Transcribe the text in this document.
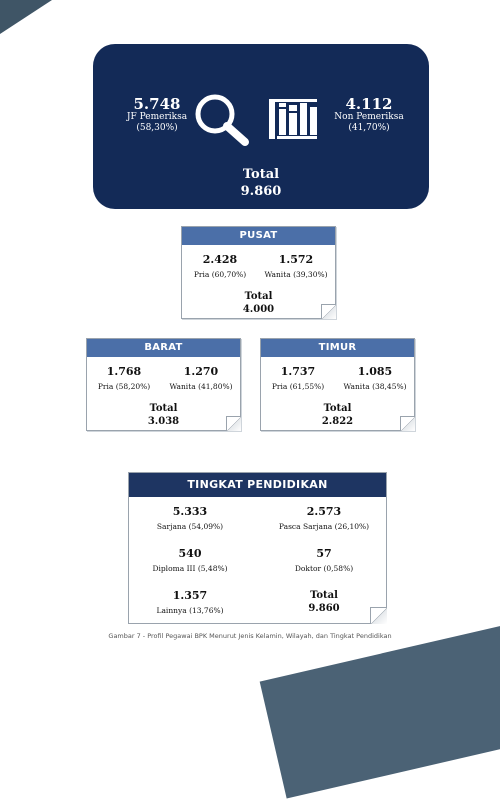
5.748
JF Pemeriksa
(58,30%)
4.112
Non Pemeriksa
(41,70%)
Total
9.860
PUSAT
2.428
Pria (60,70%)
1.572
Wanita (39,30%)
Total
4.000
BARAT
1.768
Pria (58,20%)
1.270
Wanita (41,80%)
Total
3.038
TIMUR
1.737
Pria (61,55%)
1.085
Wanita (38,45%)
Total
2.822
TINGKAT PENDIDIKAN
5.333
Sarjana (54,09%)
2.573
Pasca Sarjana (26,10%)
540
Diploma III (5,48%)
57
Doktor (0,58%)
1.357
Lainnya (13,76%)
Total
9.860
Gambar 7 - Profil Pegawai BPK Menurut Jenis Kelamin, Wilayah, dan Tingkat Pendidikan
